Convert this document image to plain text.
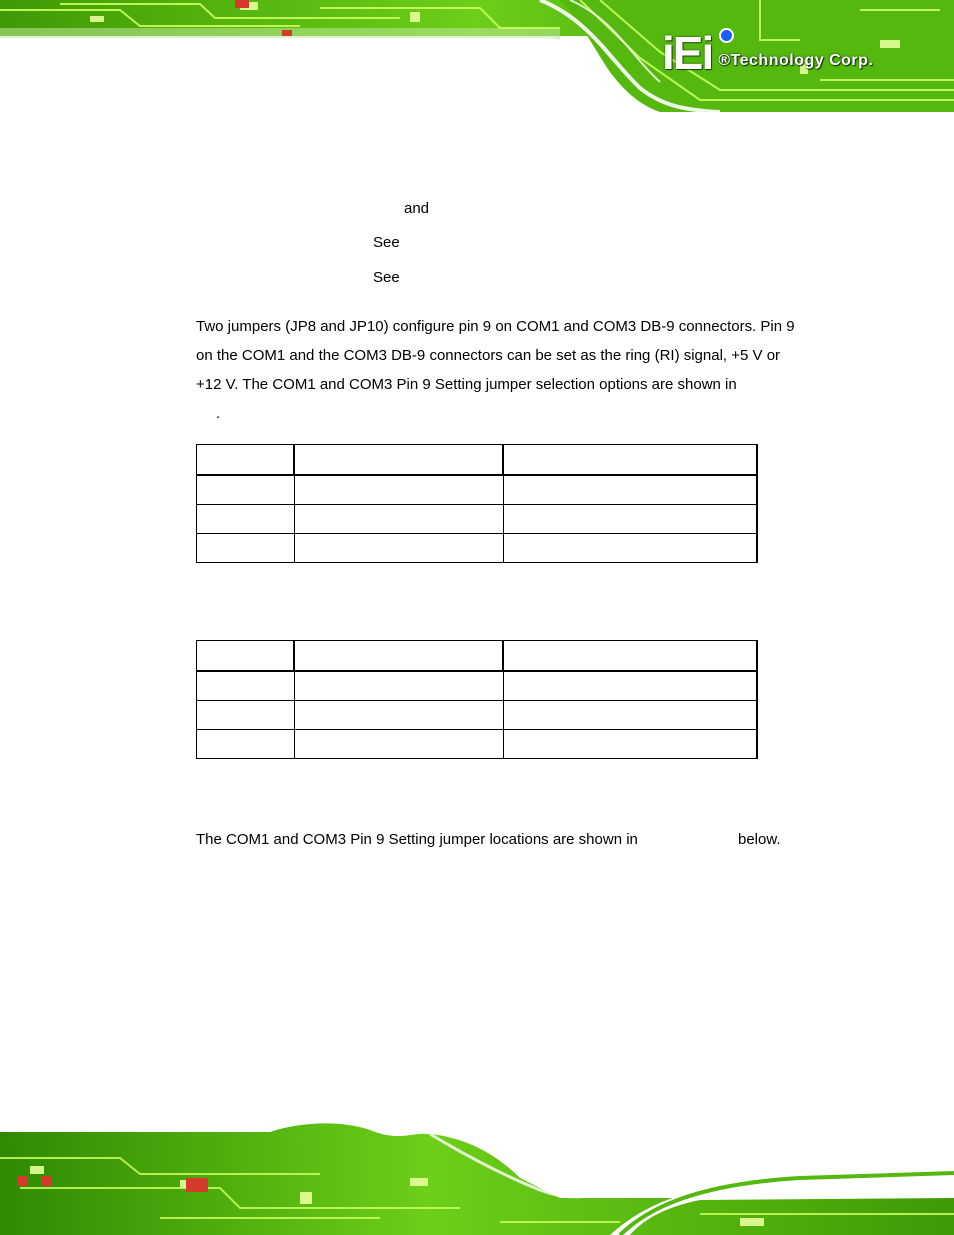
iEi ®Technology Corp.
and
See
See
Two jumpers (JP8 and JP10) configure pin 9 on COM1 and COM3 DB-9 connectors. Pin 9
on the COM1 and the COM3 DB-9 connectors can be set as the ring (RI) signal, +5 V or
+12 V. The COM1 and COM3 Pin 9 Setting jumper selection options are shown in
.

The COM1 and COM3 Pin 9 Setting jumper locations are shown in	below.
